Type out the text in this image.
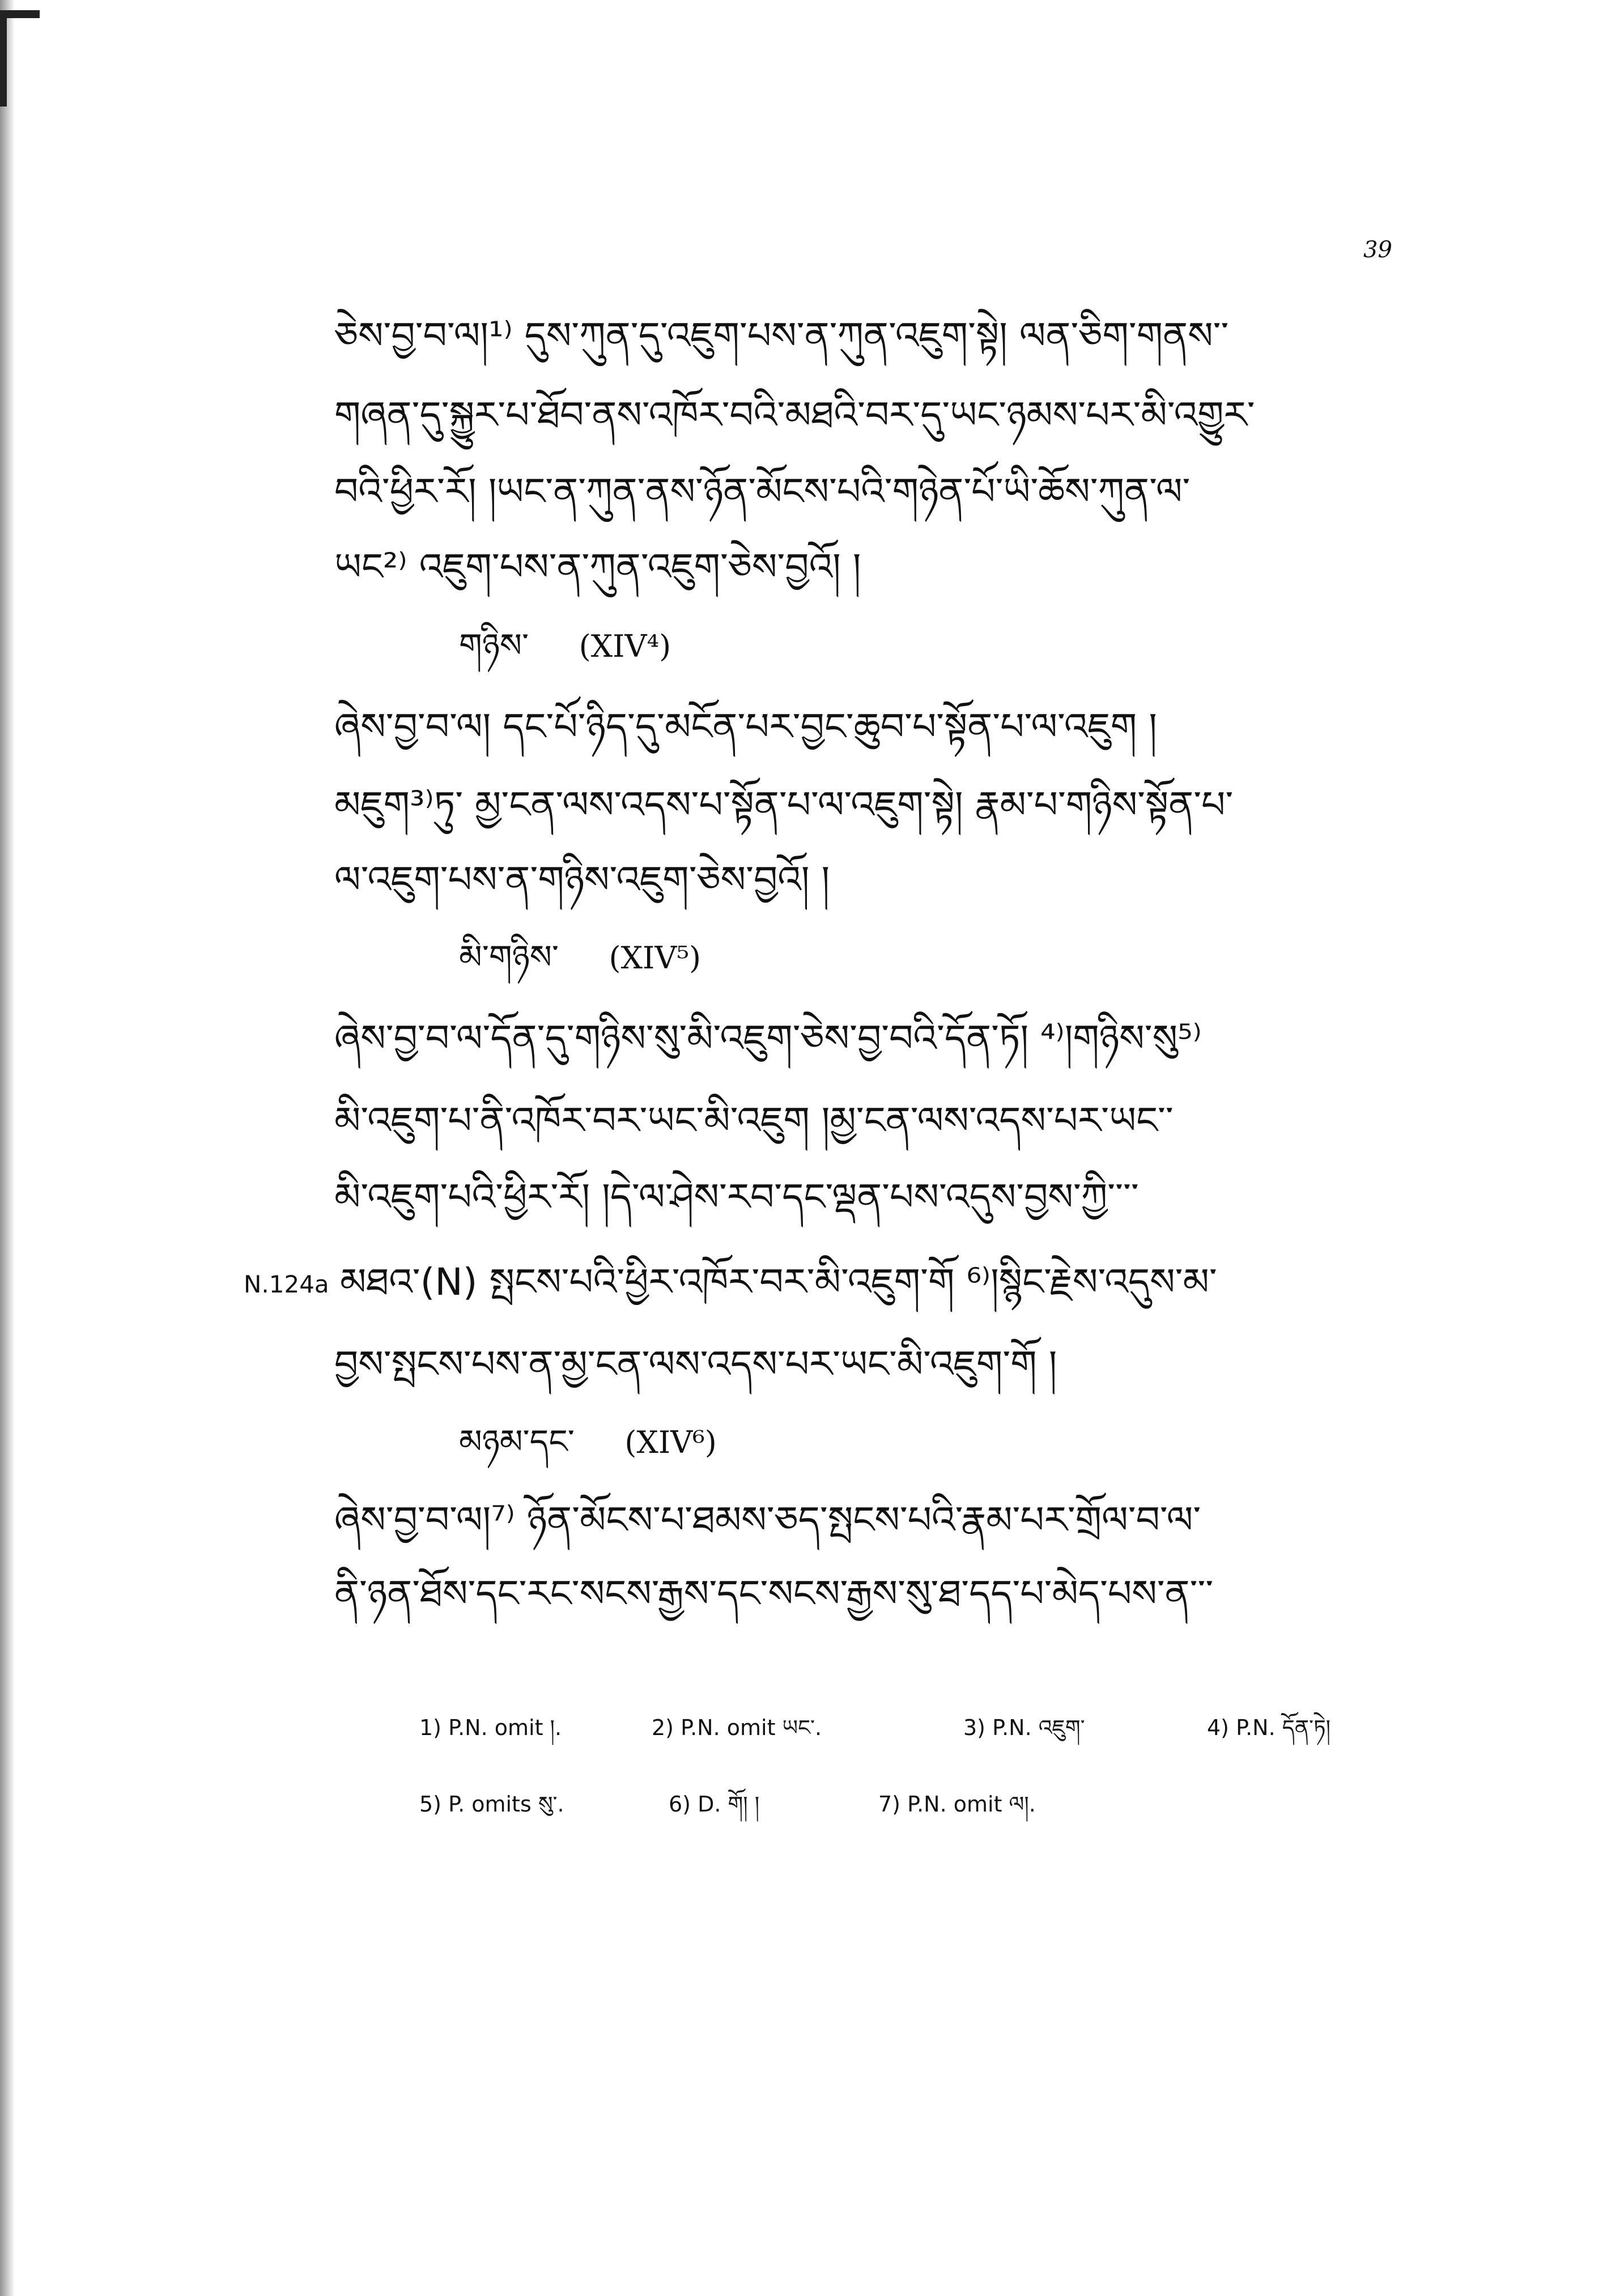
39
ཅེས་བྱ་བ་ལ།¹⁾ དུས་ཀུན་དུ་འཇུག་པས་ན་ཀུན་འཇུག་སྟེ། ལན་ཅིག་གནས་་
གཞན་དུ་སྐྱུར་པ་ཐོབ་ནས་འཁོར་བའི་མཐའི་བར་དུ་ཡང་ཉམས་པར་མི་འགྱུར་
བའི་ཕྱིར་རོ། །ཡང་ན་ཀུན་ནས་ཉོན་མོངས་པའི་གཉེན་པོ་ཡི་ཆོས་ཀུན་ལ་
ཡང²⁾ འཇུག་པས་ན་ཀུན་འཇུག་ཅེས་བྱའོ། །
གཉིས་ (XIV⁴)
ཞེས་བྱ་བ་ལ། དང་པོ་ཉིད་དུ་མངོན་པར་བྱང་ཆུབ་པ་སྟོན་པ་ལ་འཇུག །
མཇུག³⁾ཏུ་ མྱ་ངན་ལས་འདས་པ་སྟོན་པ་ལ་འཇུག་སྟེ། རྣམ་པ་གཉིས་སྟོན་པ་
ལ་འཇུག་པས་ན་གཉིས་འཇུག་ཅེས་བྱའོ། །
མི་གཉིས་ (XIV⁵)
ཞེས་བྱ་བ་ལ་དོན་དུ་གཉིས་སུ་མི་འཇུག་ཅེས་བྱ་བའི་དོན་ཏོ། ⁴⁾།གཉིས་སུ⁵⁾
མི་འཇུག་པ་ནི་འཁོར་བར་ཡང་མི་འཇུག །མྱ་ངན་ལས་འདས་པར་ཡང་་
མི་འཇུག་པའི་ཕྱིར་རོ། །དེ་ལ་ཤེས་རབ་དང་ལྡན་པས་འདུས་བྱས་ཀྱི་་་་
N.124a མཐའ་(N) སྤངས་པའི་ཕྱིར་འཁོར་བར་མི་འཇུག་གོ ⁶⁾།སྙིང་རྗེས་འདུས་མ་
བྱས་སྤངས་པས་ན་མྱ་ངན་ལས་འདས་པར་ཡང་མི་འཇུག་གོ །
མཉམ་དང་ (XIV⁶)
ཞེས་བྱ་བ་ལ།⁷⁾ ཉོན་མོངས་པ་ཐམས་ཅད་སྤངས་པའི་རྣམ་པར་གྲོལ་བ་ལ་
ནི་ཉན་ཐོས་དང་རང་སངས་རྒྱས་དང་སངས་རྒྱས་སུ་ཐ་དད་པ་མེད་པས་ན་་་
1) P.N. omit །.	2) P.N. omit ཡང་.	3) P.N. འཇུག་	4) P.N. དོན་ཏེ།
5) P. omits སུ་.	6) D. གོ། །	7) P.N. omit ལ།.
